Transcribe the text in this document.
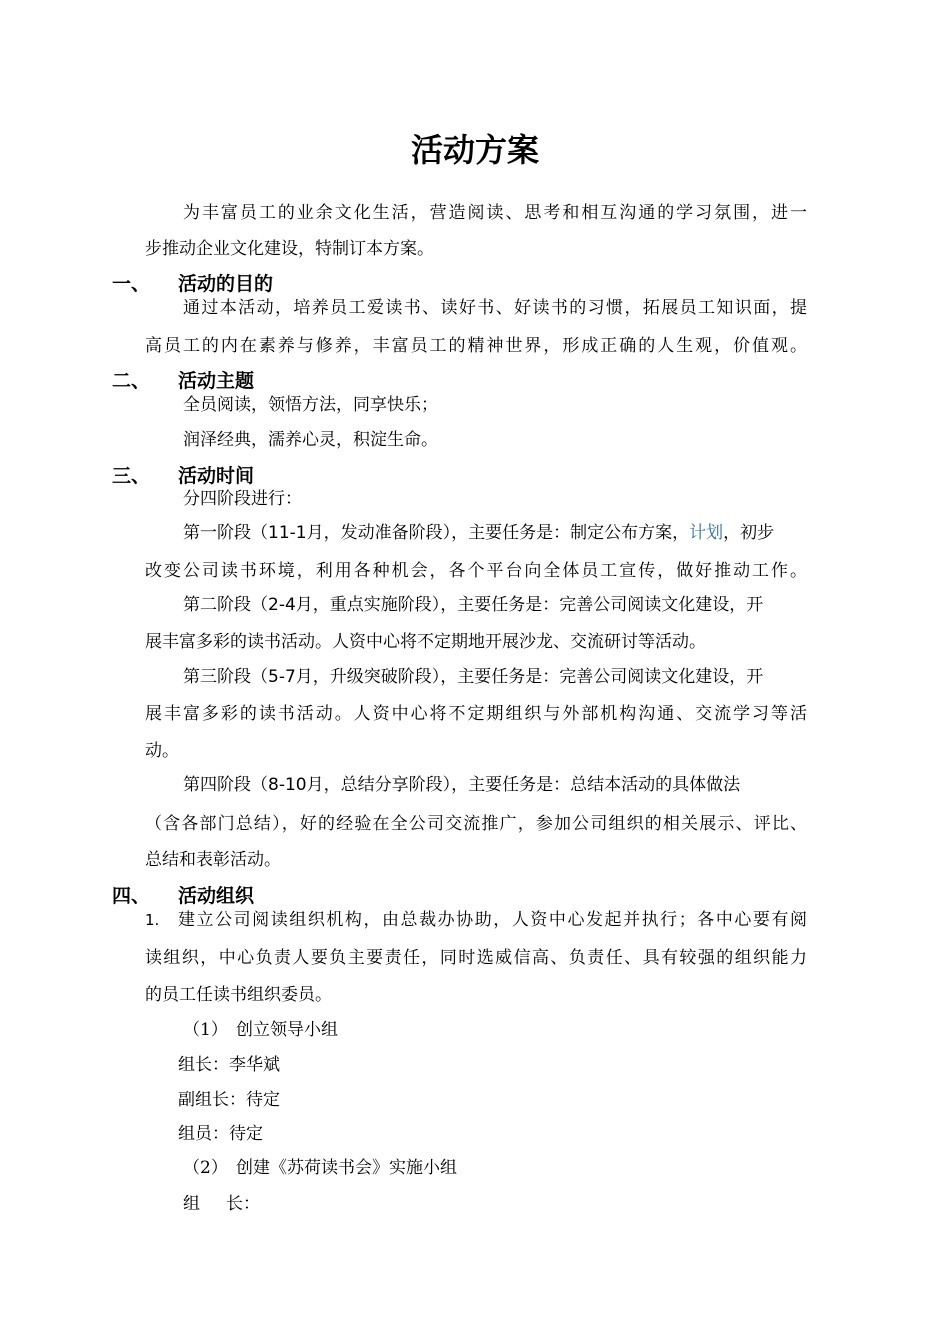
活动方案
为丰富员工的业余文化生活，营造阅读、思考和相互沟通的学习氛围，进一
步推动企业文化建设，特制订本方案。
一、 活动的目的
通过本活动，培养员工爱读书、读好书、好读书的习惯，拓展员工知识面，提
高员工的内在素养与修养，丰富员工的精神世界，形成正确的人生观，价值观。
二、 活动主题
全员阅读，领悟方法，同享快乐；
润泽经典，濡养心灵，积淀生命。
三、 活动时间
分四阶段进行：
第一阶段（11-1月，发动准备阶段），主要任务是：制定公布方案，计划，初步
改变公司读书环境，利用各种机会，各个平台向全体员工宣传，做好推动工作。
第二阶段（2-4月，重点实施阶段），主要任务是：完善公司阅读文化建设，开
展丰富多彩的读书活动。人资中心将不定期地开展沙龙、交流研讨等活动。
第三阶段（5-7月，升级突破阶段），主要任务是：完善公司阅读文化建设，开
展丰富多彩的读书活动。人资中心将不定期组织与外部机构沟通、交流学习等活
动。
第四阶段（8-10月，总结分享阶段），主要任务是：总结本活动的具体做法
（含各部门总结），好的经验在全公司交流推广，参加公司组织的相关展示、评比、
总结和表彰活动。
四、 活动组织
1. 建立公司阅读组织机构，由总裁办协助，人资中心发起并执行；各中心要有阅
读组织，中心负责人要负主要责任，同时选威信高、负责任、具有较强的组织能力
的员工任读书组织委员。
（1） 创立领导小组
组长：李华斌
副组长：待定
组员：待定
（2） 创建《苏荷读书会》实施小组
组 长：
